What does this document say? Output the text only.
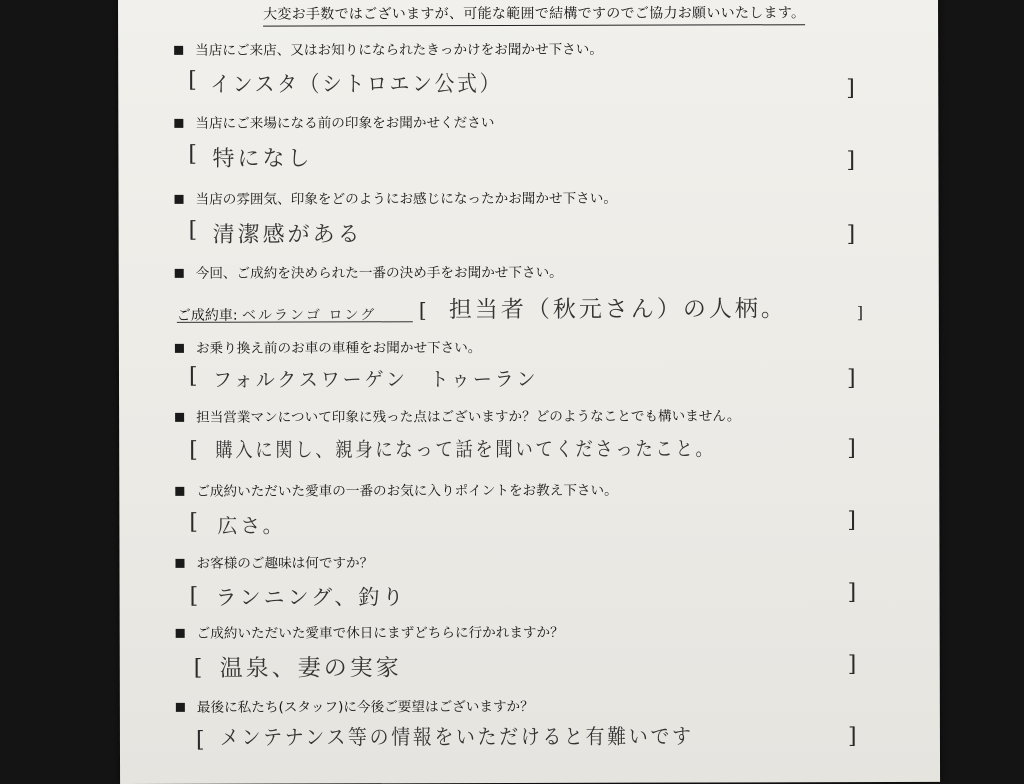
大変お手数ではございますが、可能な範囲で結構ですのでご協力お願いいたします。
当店にご来店、又はお知りになられたきっかけをお聞かせ下さい。
[ インスタ（シトロエン公式）	]
当店にご来場になる前の印象をお聞かせください
[ 特になし	]
当店の雰囲気、印象をどのようにお感じになったかお聞かせ下さい。
[ 清潔感がある	]
今回、ご成約を決められた一番の決め手をお聞かせ下さい。
ご成約車: ベルランゴ ロング [ 担当者（秋元さん）の人柄。	]
お乗り換え前のお車の車種をお聞かせ下さい。
[ フォルクスワーゲン　トゥーラン	]
担当営業マンについて印象に残った点はございますか？どのようなことでも構いません。
[ 購入に関し、親身になって話を聞いてくださったこと。	]
ご成約いただいた愛車の一番のお気に入りポイントをお教え下さい。
[ 広さ。	]
お客様のご趣味は何ですか？
[ ランニング、釣り	]
ご成約いただいた愛車で休日にまずどちらに行かれますか？
[ 温泉、妻の実家	]
最後に私たち(スタッフ)に今後ご要望はございますか？
[ メンテナンス等の情報をいただけると有難いです	]
